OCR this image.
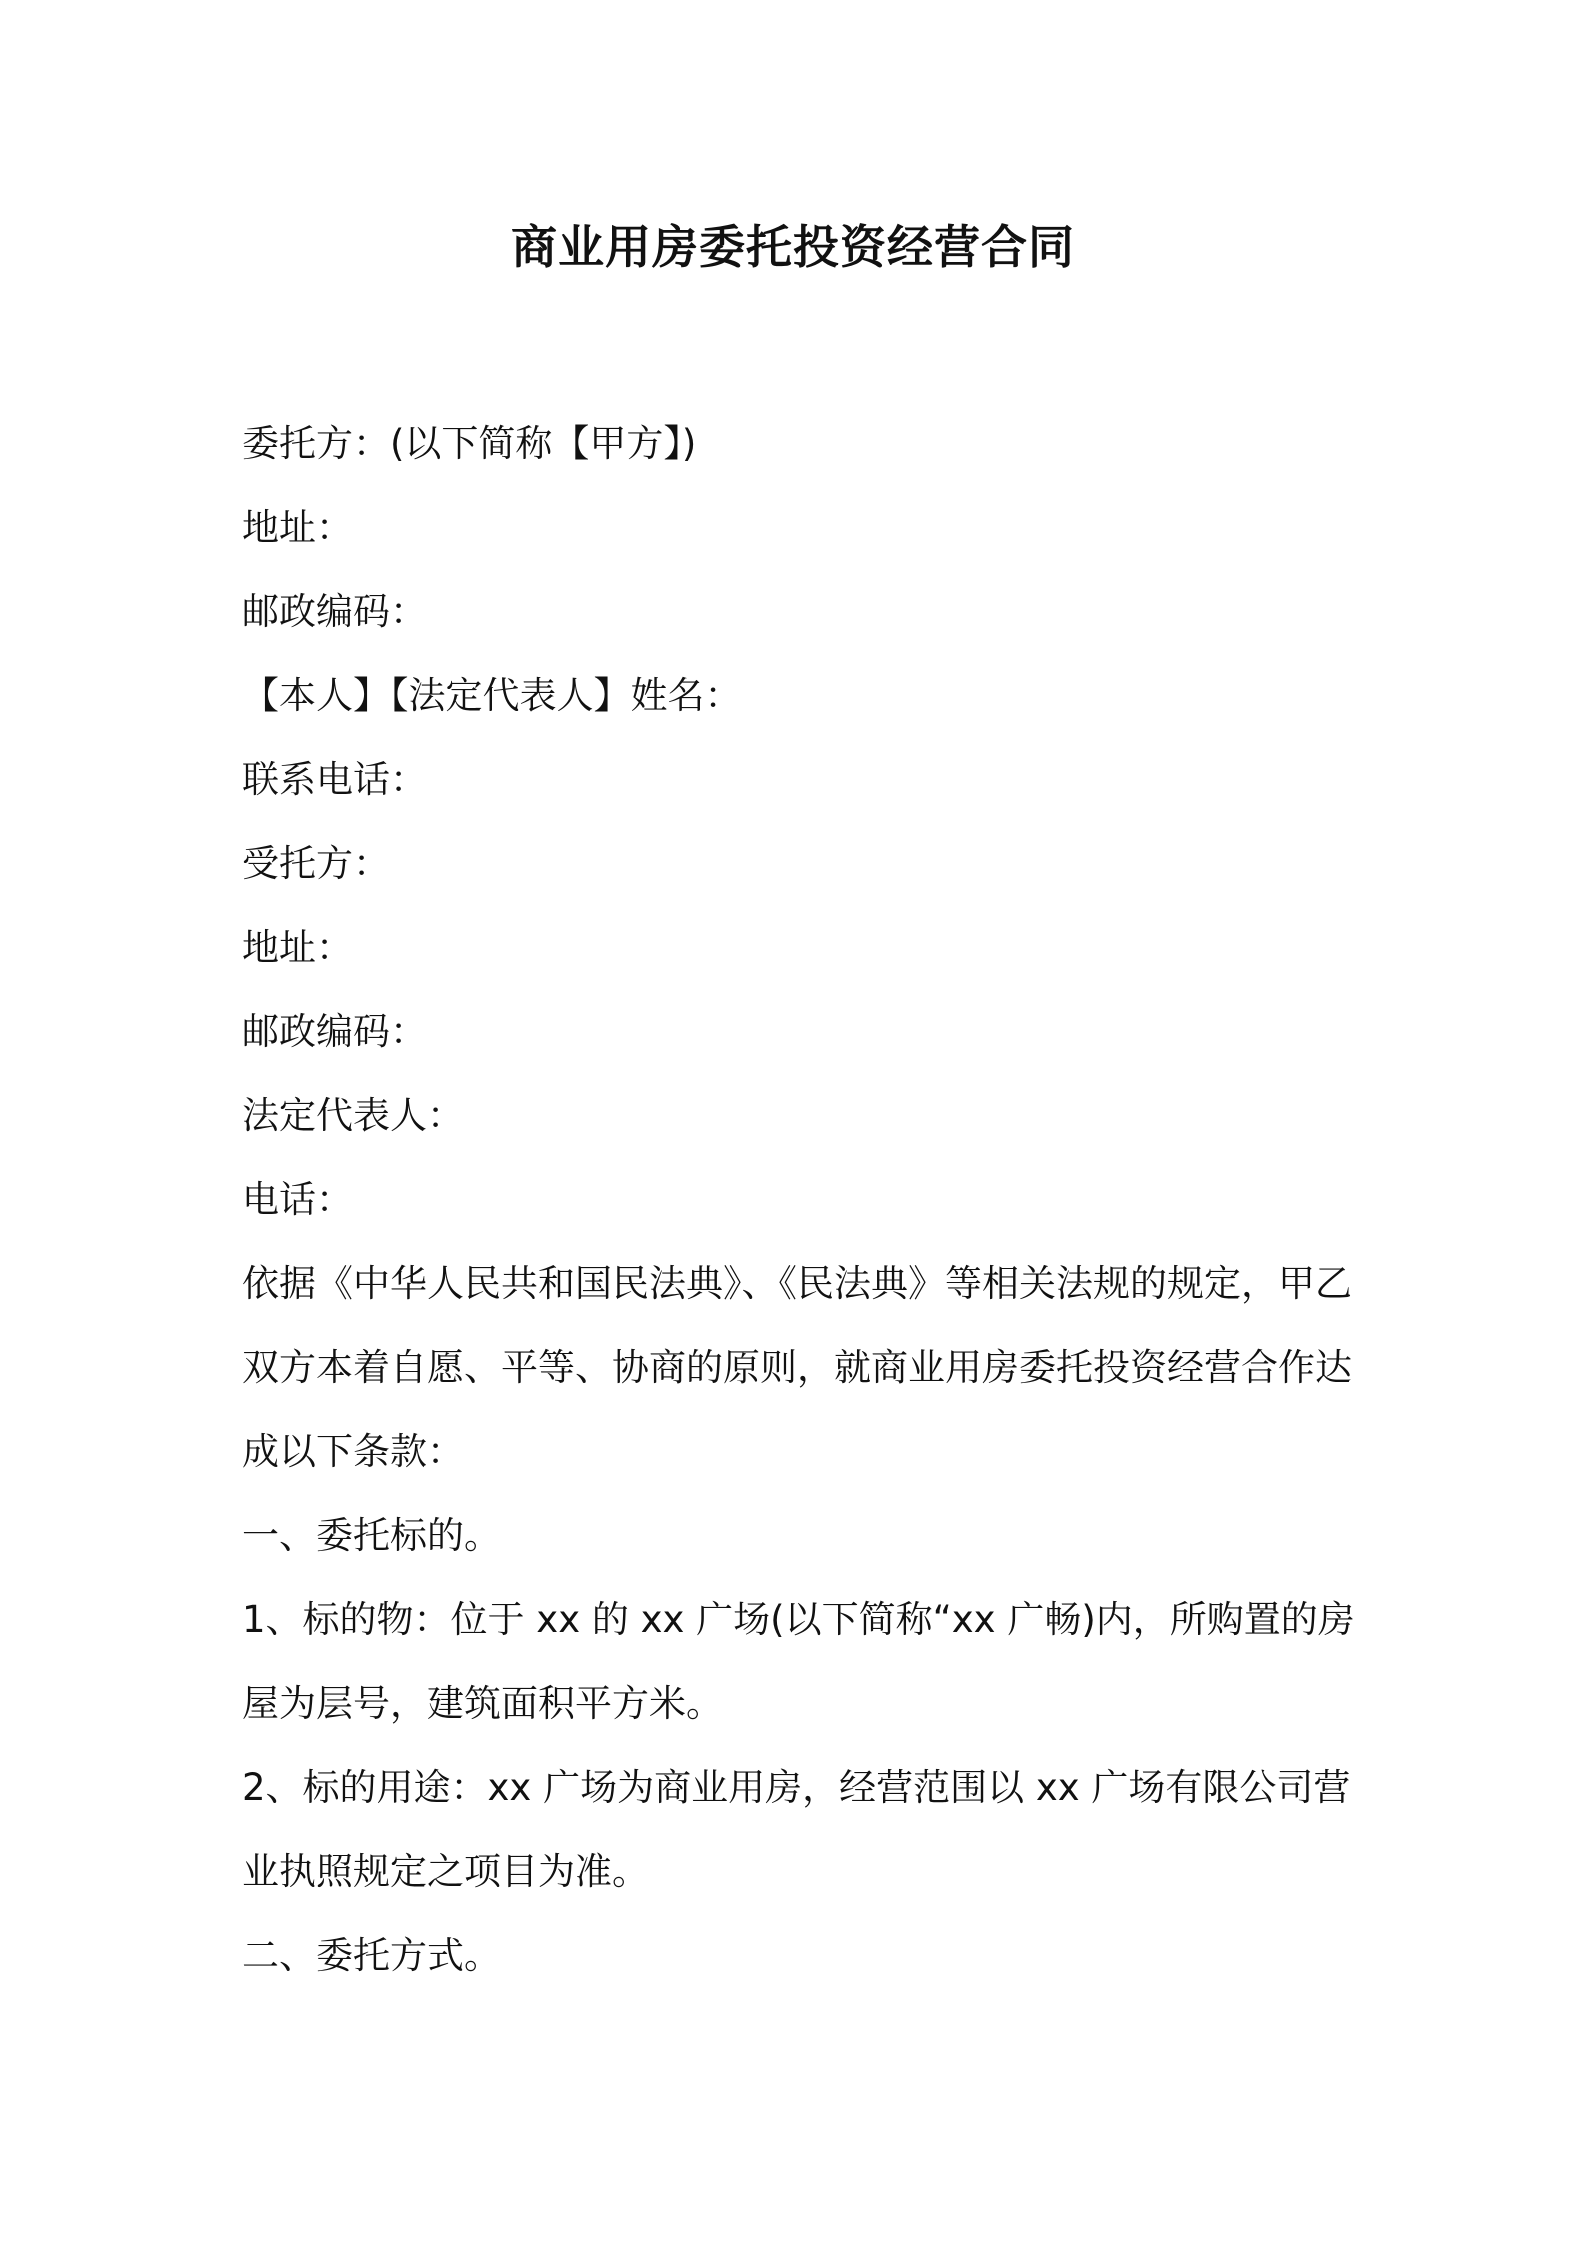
商业用房委托投资经营合同
委托方：(以下简称【甲方】)
地址：
邮政编码：
【本人】【法定代表人】姓名：
联系电话：
受托方：
地址：
邮政编码：
法定代表人：
电话：
依据《中华人民共和国民法典》、《民法典》等相关法规的规定，甲乙
双方本着自愿、平等、协商的原则，就商业用房委托投资经营合作达
成以下条款：
一、委托标的。
1、标的物：位于 xx 的 xx 广场(以下简称“xx 广畅)内，所购置的房
屋为层号，建筑面积平方米。
2、标的用途：xx 广场为商业用房，经营范围以 xx 广场有限公司营
业执照规定之项目为准。
二、委托方式。
